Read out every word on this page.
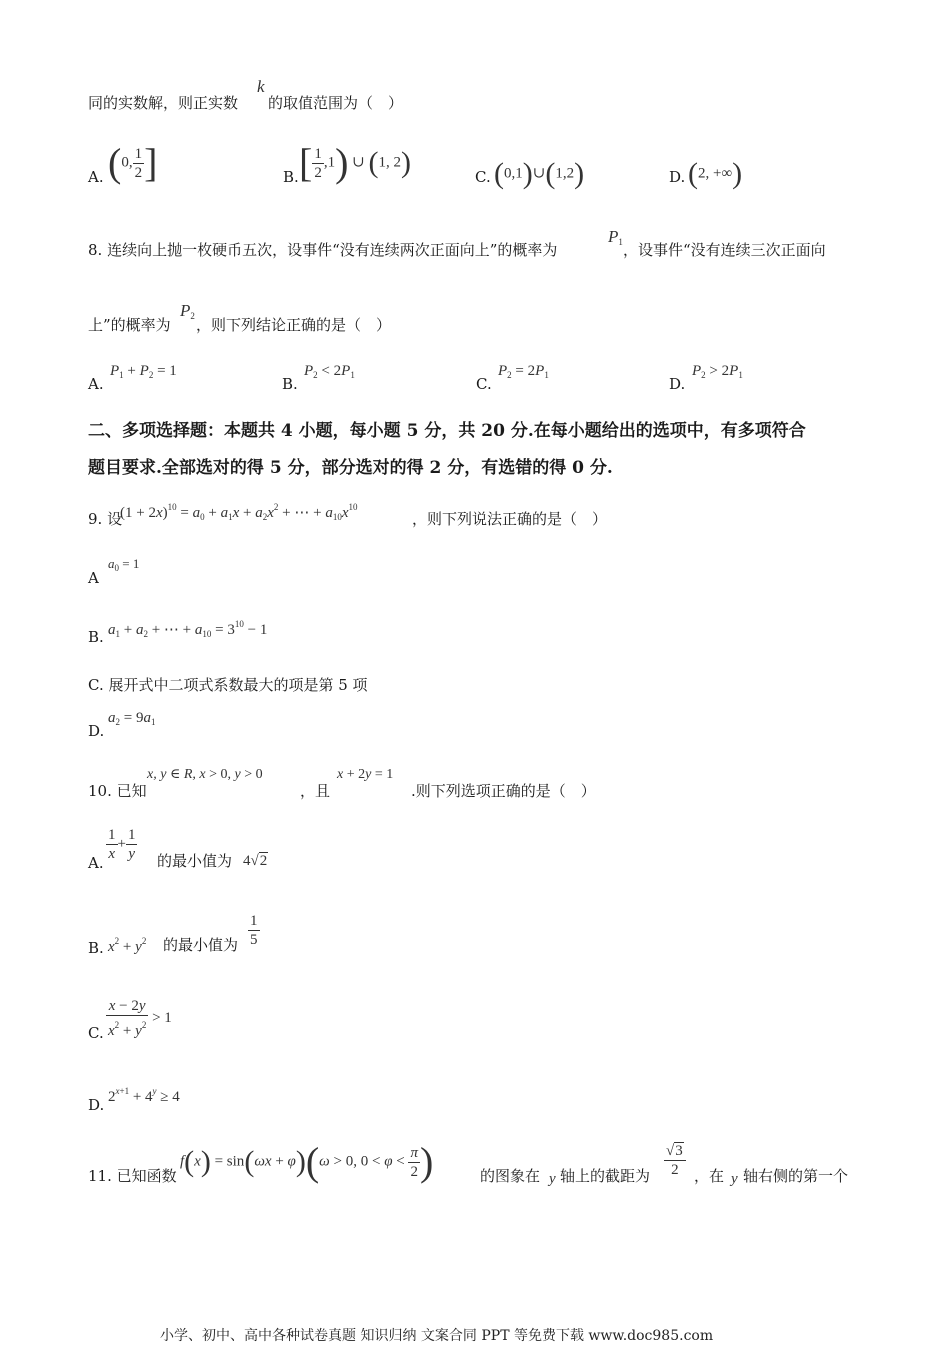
同的实数解，则正实数
k
的取值范围为（　）
A. (0, $\frac{1}{2}$ ]	B. [ $\frac{1}{2} ,1$) ∪ (1, 2)	C. (0,1)∪(1,2)	D. (2, +∞)
8. 连续向上抛一枚硬币五次，设事件“没有连续两次正面向上”的概率为
$P_1$ ，设事件“没有连续三次正面向
上”的概率为
$P_2$ ，则下列结论正确的是（　）
A.
$P_1 + P_2 = 1$
B.
$P_2 < 2P_1$	C.
$P_2 = 2P_1$	D.
$P_2 > 2P_1$
二、多项选择题：本题共 4 小题，每小题 5 分，共 20 分.在每小题给出的选项中，有多项符合
题目要求.全部选对的得 5 分，部分选对的得 2 分，有选错的得 0 分.
9. 设
$(1 + 2x)^{10} = a_0 + a_1x + a_2x^2$ + ⋯ + $a_{10}x^{10}$
，则下列说法正确的是（　）
A
$a_0 = 1$
B. $a_1 + a_2$ + ⋯ + $a_{10} = 3^{10} - 1$
C. 展开式中二项式系数最大的项是第 5 项
D.
$a_2 = 9a_1$
10. 已知
x, y ∈ R, x > 0, y > 0
，且
x + 2y = 1
.则下列选项正确的是（　）
A. $\frac{1}{x} + \frac{1}{y}$ 的最小值为 4√2
B. $x^2 + y^2$ 的最小值为 $\frac{1}{5}$
C. $\frac{x - 2y}{x^2 + y^2} > 1$
D. $2^{x+1} + 4^y \ge 4$
11. 已知函数
f(x) = sin(ωx + φ)(ω > 0, $0 < \varphi < \frac{\pi}{2}$ )	的图象在 y 轴上的截距为 $\frac{√3}{2}$ ，在 y 轴右侧的第一个
小学、初中、高中各种试卷真题 知识归纳 文案合同 PPT 等免费下载 www.doc985.com
